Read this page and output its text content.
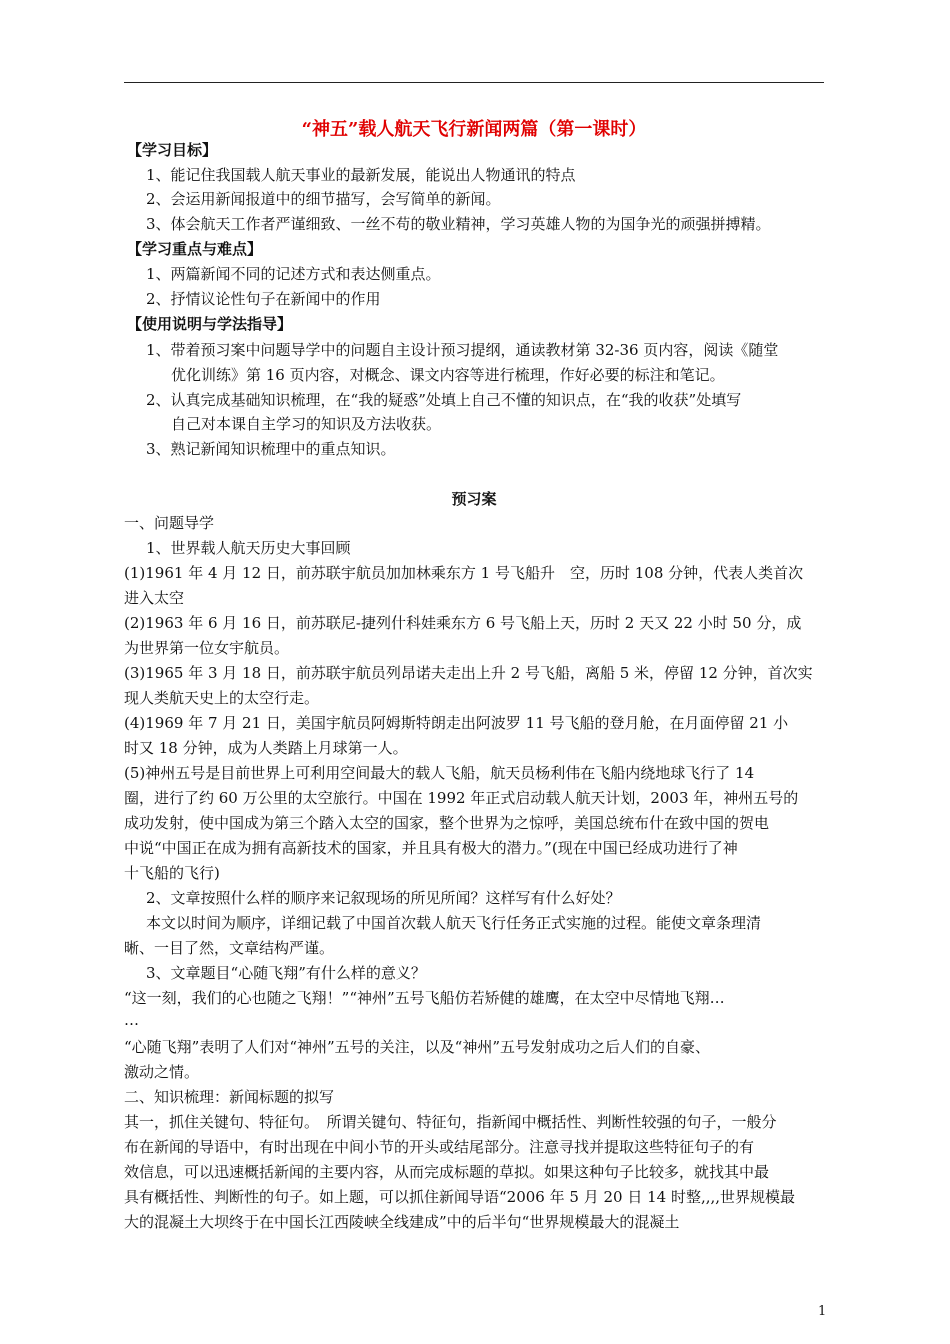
“神五”载人航天飞行新闻两篇（第一课时）
【学习目标】
1、能记住我国载人航天事业的最新发展，能说出人物通讯的特点
2、会运用新闻报道中的细节描写，会写简单的新闻。
3、体会航天工作者严谨细致、一丝不苟的敬业精神，学习英雄人物的为国争光的顽强拼搏精。
【学习重点与难点】
1、两篇新闻不同的记述方式和表达侧重点。
2、抒情议论性句子在新闻中的作用
【使用说明与学法指导】
1、带着预习案中问题导学中的问题自主设计预习提纲，通读教材第 32-36 页内容，阅读《随堂
优化训练》第 16 页内容，对概念、课文内容等进行梳理，作好必要的标注和笔记。
2、认真完成基础知识梳理，在“我的疑惑”处填上自己不懂的知识点，在“我的收获”处填写
自己对本课自主学习的知识及方法收获。
3、熟记新闻知识梳理中的重点知识。
预习案
一、问题导学
1、世界载人航天历史大事回顾
(1)1961 年 4 月 12 日，前苏联宇航员加加林乘东方 1 号飞船升　空，历时 108 分钟，代表人类首次
进入太空
(2)1963 年 6 月 16 日，前苏联尼-捷列什科娃乘东方 6 号飞船上天，历时 2 天又 22 小时 50 分，成
为世界第一位女宇航员。
(3)1965 年 3 月 18 日，前苏联宇航员列昂诺夫走出上升 2 号飞船，离船 5 米，停留 12 分钟，首次实
现人类航天史上的太空行走。
(4)1969 年 7 月 21 日，美国宇航员阿姆斯特朗走出阿波罗 11 号飞船的登月舱，在月面停留 21 小
时又 18 分钟，成为人类踏上月球第一人。
(5)神州五号是目前世界上可利用空间最大的载人飞船，航天员杨利伟在飞船内绕地球飞行了 14
圈，进行了约 60 万公里的太空旅行。中国在 1992 年正式启动载人航天计划，2003 年，神州五号的
成功发射，使中国成为第三个踏入太空的国家，整个世界为之惊呼，美国总统布什在致中国的贺电
中说“中国正在成为拥有高新技术的国家，并且具有极大的潜力。”(现在中国已经成功进行了神
十飞船的飞行)
2、文章按照什么样的顺序来记叙现场的所见所闻？这样写有什么好处？
本文以时间为顺序，详细记载了中国首次载人航天飞行任务正式实施的过程。能使文章条理清
晰、一目了然，文章结构严谨。
3、文章题目“心随飞翔”有什么样的意义？
“这一刻，我们的心也随之飞翔！”“神州”五号飞船仿若矫健的雄鹰，在太空中尽情地飞翔…
…
“心随飞翔”表明了人们对“神州”五号的关注，以及“神州”五号发射成功之后人们的自豪、
激动之情。
二、知识梳理：新闻标题的拟写
其一，抓住关键句、特征句。　所谓关键句、特征句，指新闻中概括性、判断性较强的句子，一般分
布在新闻的导语中，有时出现在中间小节的开头或结尾部分。注意寻找并提取这些特征句子的有
效信息，可以迅速概括新闻的主要内容，从而完成标题的草拟。如果这种句子比较多，就找其中最
具有概括性、判断性的句子。如上题，可以抓住新闻导语“2006 年 5 月 20 日 14 时整,,,,世界规模最
大的混凝土大坝终于在中国长江西陵峡全线建成”中的后半句“世界规模最大的混凝土
1
